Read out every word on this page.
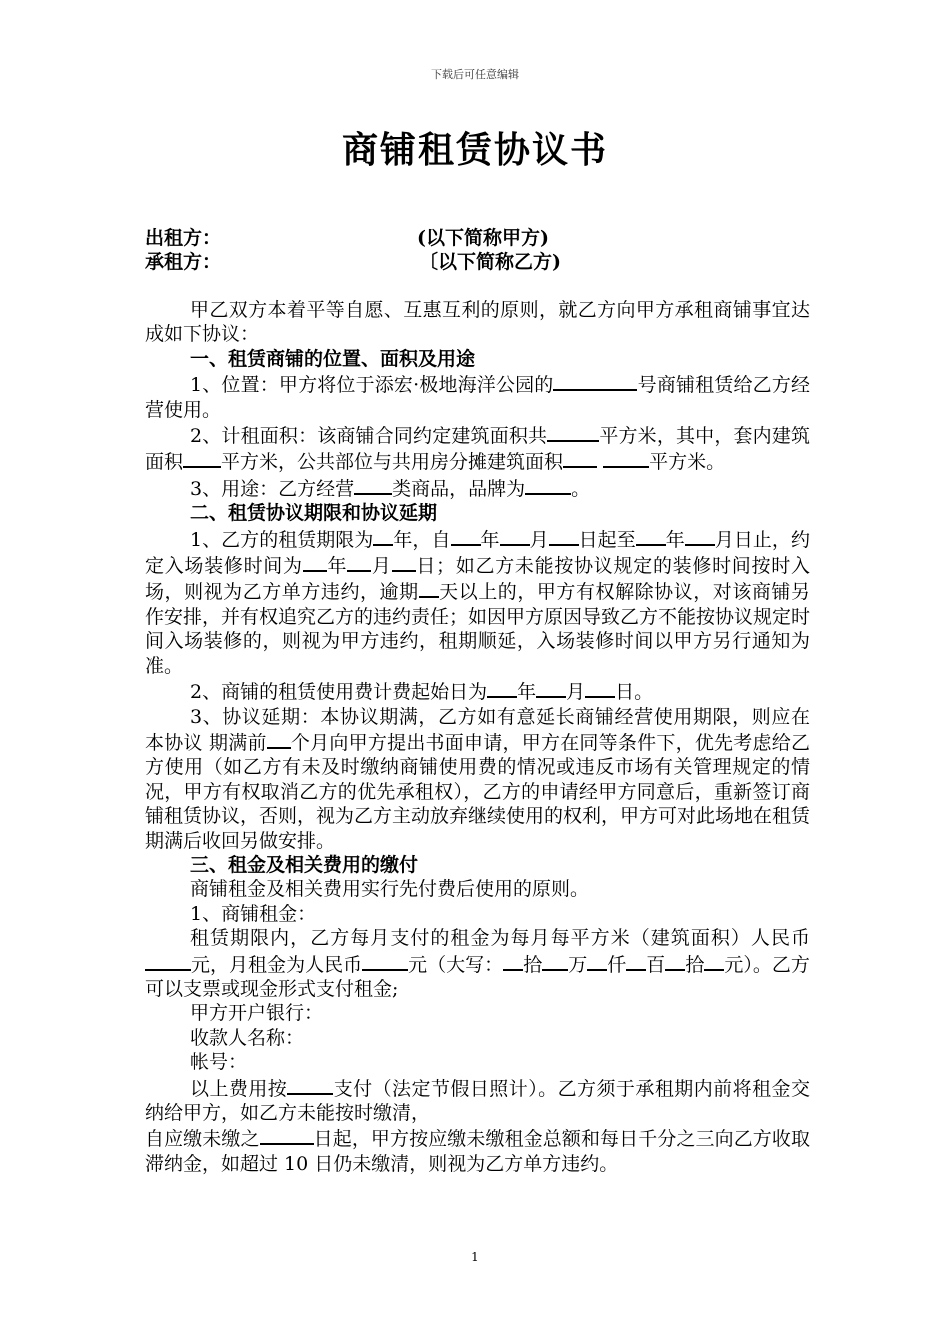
下载后可任意编辑
商铺租赁协议书
出租方：	(以下简称甲方)
承租方：	〔以下简称乙方)

甲乙双方本着平等自愿、互惠互利的原则，就乙方向甲方承租商铺事宜达成如下协议：

一、租赁商铺的位置、面积及用途

1、位置：甲方将位于添宏·极地海洋公园的	号商铺租赁给乙方经营使用。

2、计租面积：该商铺合同约定建筑面积共	平方米，其中，套内建筑面积 平方米，公共部位与共用房分摊建筑面积	平方米。

3、用途：乙方经营 类商品，品牌为 。

二、租赁协议期限和协议延期

1、乙方的租赁期限为 年，自 年 月 日起至 年 月日止，约定入场装修时间为 年 月 日；如乙方未能按协议规定的装修时间按时入场，则视为乙方单方违约，逾期 天以上的，甲方有权解除协议，对该商铺另作安排，并有权追究乙方的违约责任；如因甲方原因导致乙方不能按协议规定时间入场装修的，则视为甲方违约，租期顺延，入场装修时间以甲方另行通知为准。

2、商铺的租赁使用费计费起始日为 年 月 日。

3、协议延期：本协议期满，乙方如有意延长商铺经营使用期限，则应在本协议 期满前 个月向甲方提出书面申请，甲方在同等条件下，优先考虑给乙方使用（如乙方有未及时缴纳商铺使用费的情况或违反市场有关管理规定的情况，甲方有权取消乙方的优先承租权），乙方的申请经甲方同意后，重新签订商铺租赁协议，否则，视为乙方主动放弃继续使用的权利，甲方可对此场地在租赁期满后收回另做安排。

三、租金及相关费用的缴付

商铺租金及相关费用实行先付费后使用的原则。

1、商铺租金：

租赁期限内，乙方每月支付的租金为每月每平方米（建筑面积）人民币元，月租金为人民币 元（大写： 拾 万 仟 百 拾 元）。乙方可以支票或现金形式支付租金;

甲方开户银行：

收款人名称：

帐号：

以上费用按 支付（法定节假日照计）。乙方须于承租期内前将租金交纳给甲方，如乙方未能按时缴清，

自应缴未缴之	日起，甲方按应缴未缴租金总额和每日千分之三向乙方收取滞纳金，如超过 10 日仍未缴清，则视为乙方单方违约。

1
